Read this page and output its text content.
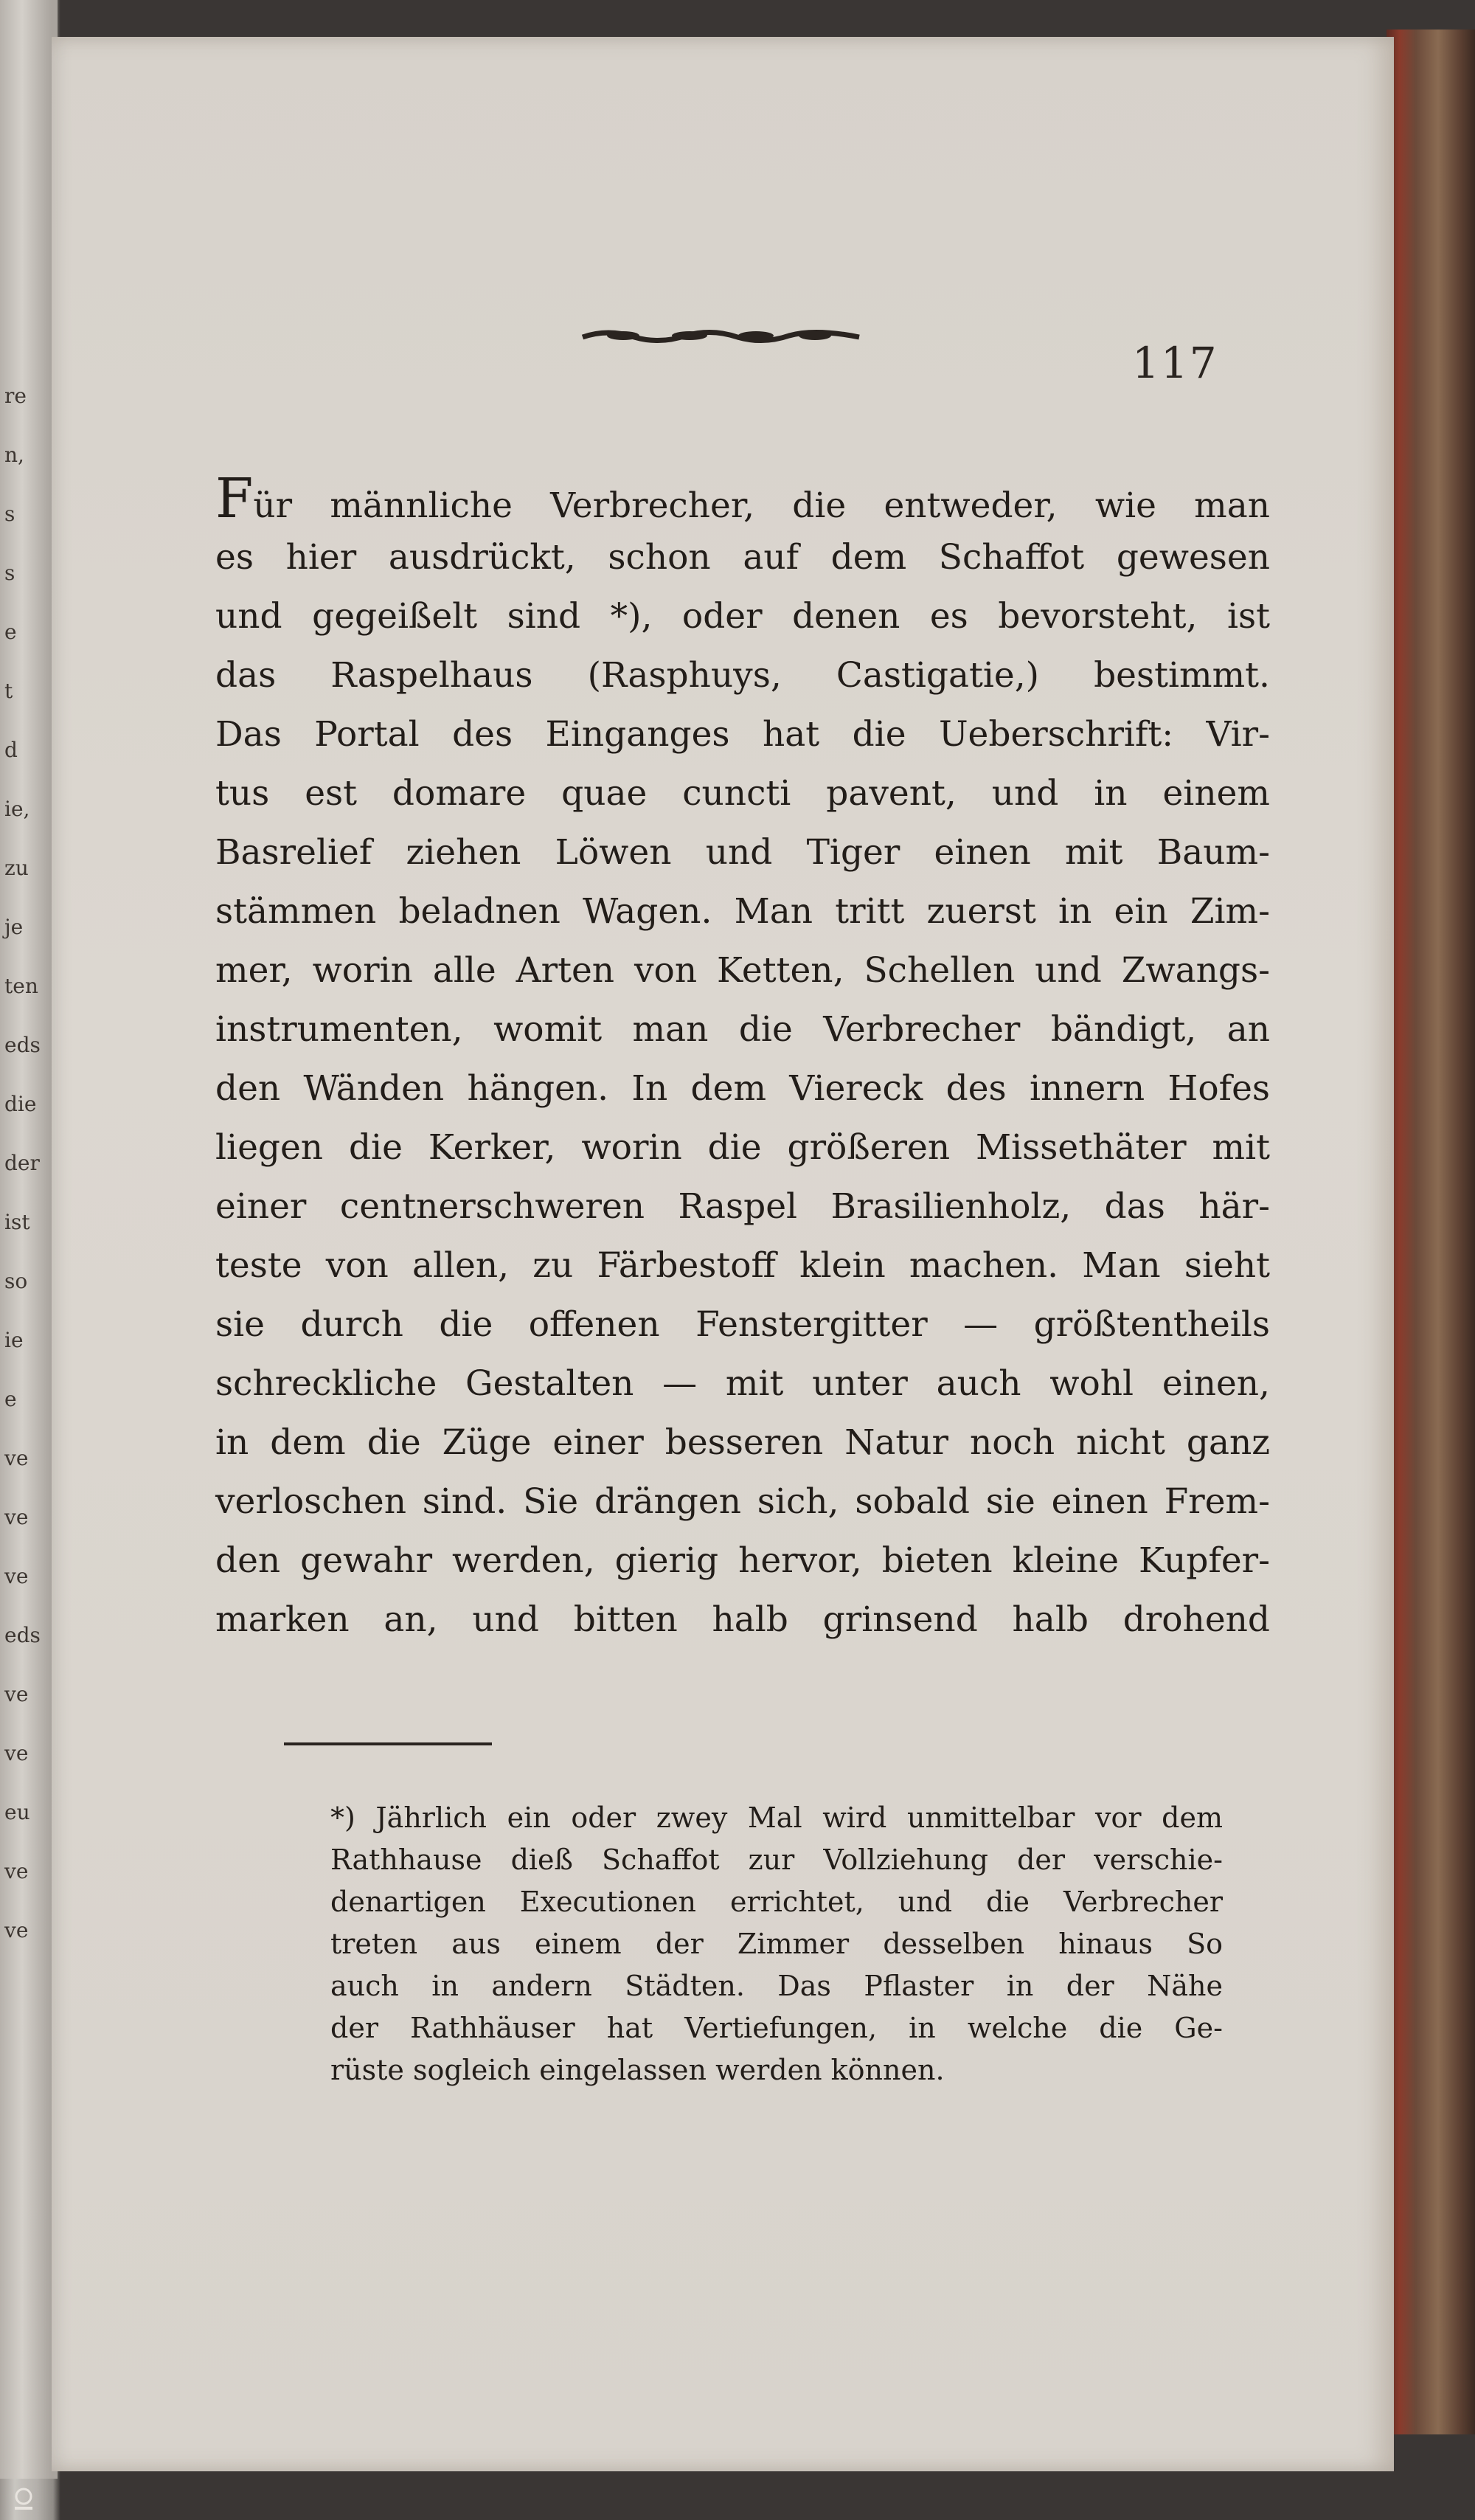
re
n,
s
s
e
t
d
ie,
zu
je
ten
eds
die
der
ist
so
ie
e
ve
ve
ve
eds
ve
ve
eu
ve
ve
117
Für männliche Verbrecher, die entweder, wie man
es hier ausdrückt, schon auf dem Schaffot gewesen
und gegeißelt sind *), oder denen es bevorsteht, ist
das Raspelhaus (Rasphuys, Castigatie,) bestimmt.
Das Portal des Einganges hat die Ueberschrift: Vir-
tus est domare quae cuncti pavent, und in einem
Basrelief ziehen Löwen und Tiger einen mit Baum-
stämmen beladnen Wagen. Man tritt zuerst in ein Zim-
mer, worin alle Arten von Ketten, Schellen und Zwangs-
instrumenten, womit man die Verbrecher bändigt, an
den Wänden hängen. In dem Viereck des innern Hofes
liegen die Kerker, worin die größeren Missethäter mit
einer centnerschweren Raspel Brasilienholz, das här-
teste von allen, zu Färbestoff klein machen. Man sieht
sie durch die offenen Fenstergitter — größtentheils
schreckliche Gestalten — mit unter auch wohl einen,
in dem die Züge einer besseren Natur noch nicht ganz
verloschen sind. Sie drängen sich, sobald sie einen Frem-
den gewahr werden, gierig hervor, bieten kleine Kupfer-
marken an, und bitten halb grinsend halb drohend
*) Jährlich ein oder zwey Mal wird unmittelbar vor dem
Rathhause dieß Schaffot zur Vollziehung der verschie-
denartigen Executionen errichtet, und die Verbrecher
treten aus einem der Zimmer desselben hinaus So
auch in andern Städten. Das Pflaster in der Nähe
der Rathhäuser hat Vertiefungen, in welche die Ge-
rüste sogleich eingelassen werden können.
